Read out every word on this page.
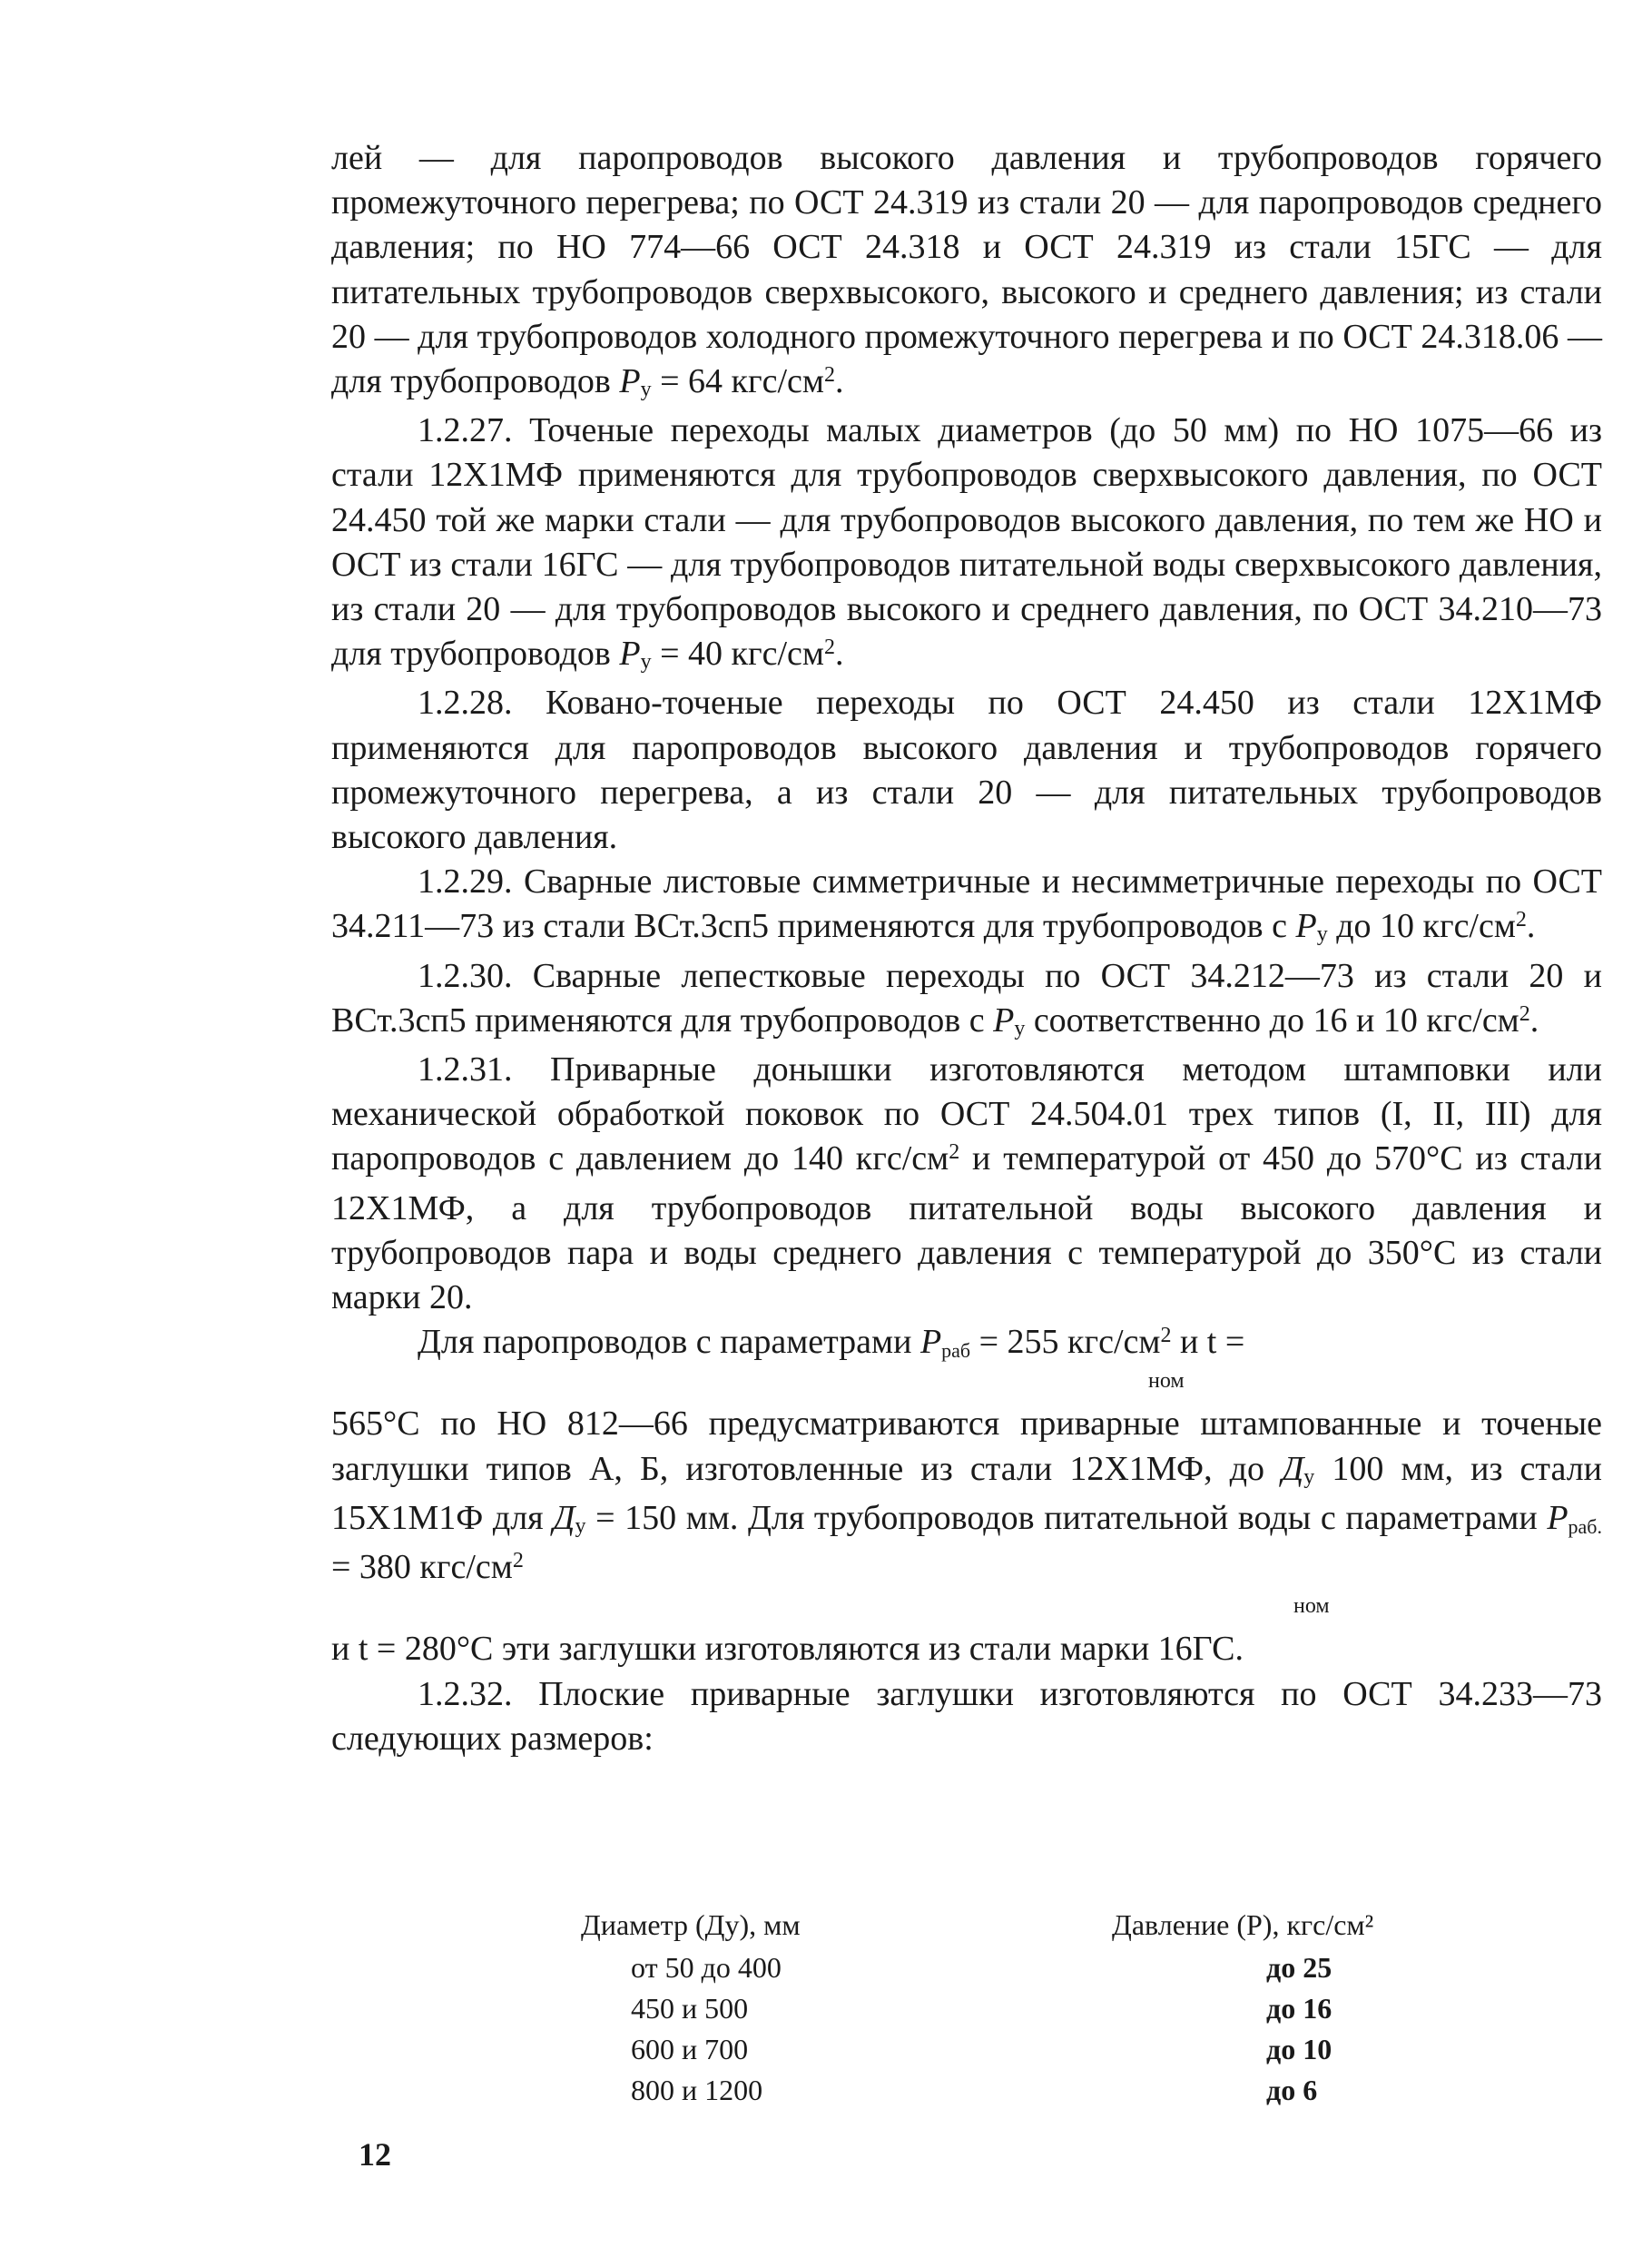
лей — для паропроводов высокого давления и трубопроводов горячего промежуточного перегрева; по ОСТ 24.319 из стали 20 — для паропроводов среднего давления; по НО 774—66 ОСТ 24.318 и ОСТ 24.319 из стали 15ГС — для питательных трубопроводов сверхвысокого, высокого и среднего давления; из стали 20 — для трубопроводов холодного промежуточного перегрева и по ОСТ 24.318.06 — для трубопроводов Pу = 64 кгс/$см^2$.

1.2.27. Точеные переходы малых диаметров (до 50 мм) по НО 1075—66 из стали 12Х1МФ применяются для трубопроводов сверхвысокого давления, по ОСТ 24.450 той же марки стали — для трубопроводов высокого давления, по тем же НО и ОСТ из стали 16ГС — для трубопроводов питательной воды сверхвысокого давления, из стали 20 — для трубопроводов высокого и среднего давления, по ОСТ 34.210—73 для трубопроводов Pу = 40 кгс/$см^2$.

1.2.28. Ковано-точеные переходы по ОСТ 24.450 из стали 12Х1МФ применяются для паропроводов высокого давления и трубопроводов горячего промежуточного перегрева, а из стали 20 — для питательных трубопроводов высокого давления.

1.2.29. Сварные листовые симметричные и несимметричные переходы по ОСТ 34.211—73 из стали ВСт.3сп5 применяются для трубопроводов с Pу до 10 кгс/$см^2$.

1.2.30. Сварные лепестковые переходы по ОСТ 34.212—73 из стали 20 и ВСт.3сп5 применяются для трубопроводов с Pу соответственно до 16 и 10 кгс/$см^2$.

1.2.31. Приварные донышки изготовляются методом штамповки или механической обработкой поковок по ОСТ 24.504.01 трех типов (I, II, III) для паропроводов с давлением до 140 кгс/$см^2$ и температурой от 450 до 570°С из стали 12Х1МФ, а для трубопроводов питательной воды высокого давления и трубопроводов пара и воды среднего давления с температурой до 350°С из стали марки 20.

Для паропроводов с параметрами Pраб = 255 кгс/$см^2$ и t =

ном

565°С по НО 812—66 предусматриваются приварные штампованные и точеные заглушки типов А, Б, изготовленные из стали 12Х1МФ, до Ду 100 мм, из стали 15Х1М1Ф для Ду = 150 мм. Для трубопроводов питательной воды с параметрами Pраб. = 380 кгс/$см^2$

ном

и t = 280°С эти заглушки изготовляются из стали марки 16ГС.

1.2.32. Плоские приварные заглушки изготовляются по ОСТ 34.233—73 следующих размеров:

Диаметр (Дy), мм	Давление (Р), кгс/см²
от 50 до 400	до 25
450 и 500	до 16
600 и 700	до 10
800 и 1200	до 6
12
